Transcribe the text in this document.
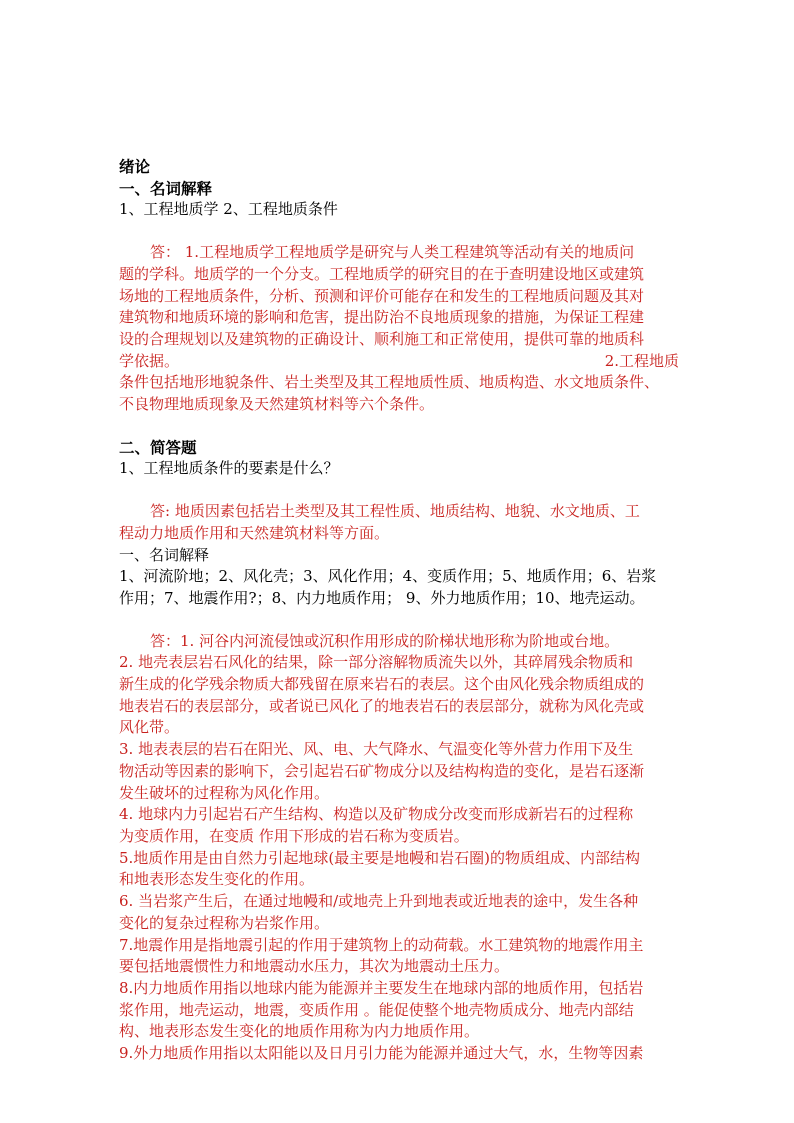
绪论
一、名词解释
1、工程地质学 2、工程地质条件
答： 1.工程地质学工程地质学是研究与人类工程建筑等活动有关的地质问
题的学科。地质学的一个分支。工程地质学的研究目的在于查明建设地区或建筑
场地的工程地质条件，分析、预测和评价可能存在和发生的工程地质问题及其对
建筑物和地质环境的影响和危害，提出防治不良地质现象的措施，为保证工程建
设的合理规划以及建筑物的正确设计、顺利施工和正常使用，提供可靠的地质科
学依据。	2.工程地质
条件包括地形地貌条件、岩土类型及其工程地质性质、地质构造、水文地质条件、
不良物理地质现象及天然建筑材料等六个条件。
二、简答题
1、工程地质条件的要素是什么？
答: 地质因素包括岩土类型及其工程性质、地质结构、地貌、水文地质、工
程动力地质作用和天然建筑材料等方面。
一、名词解释
1、河流阶地；2、风化壳；3、风化作用；4、变质作用；5、地质作用；6、岩浆
作用；7、地震作用?；8、内力地质作用； 9、外力地质作用；10、地壳运动。
答：1. 河谷内河流侵蚀或沉积作用形成的阶梯状地形称为阶地或台地。
2. 地壳表层岩石风化的结果，除一部分溶解物质流失以外，其碎屑残余物质和
新生成的化学残余物质大都残留在原来岩石的表层。这个由风化残余物质组成的
地表岩石的表层部分，或者说已风化了的地表岩石的表层部分，就称为风化壳或
风化带。
3. 地表表层的岩石在阳光、风、电、大气降水、气温变化等外营力作用下及生
物活动等因素的影响下，会引起岩石矿物成分以及结构构造的变化，是岩石逐渐
发生破坏的过程称为风化作用。
4. 地球内力引起岩石产生结构、构造以及矿物成分改变而形成新岩石的过程称
为变质作用，在变质 作用下形成的岩石称为变质岩。
5.地质作用是由自然力引起地球(最主要是地幔和岩石圈)的物质组成、内部结构
和地表形态发生变化的作用。
6. 当岩浆产生后，在通过地幔和/或地壳上升到地表或近地表的途中，发生各种
变化的复杂过程称为岩浆作用。
7.地震作用是指地震引起的作用于建筑物上的动荷载。水工建筑物的地震作用主
要包括地震惯性力和地震动水压力，其次为地震动土压力。
8.内力地质作用指以地球内能为能源并主要发生在地球内部的地质作用，包括岩
浆作用，地壳运动，地震，变质作用 。能促使整个地壳物质成分、地壳内部结
构、地表形态发生变化的地质作用称为内力地质作用。
9.外力地质作用指以太阳能以及日月引力能为能源并通过大气，水，生物等因素
